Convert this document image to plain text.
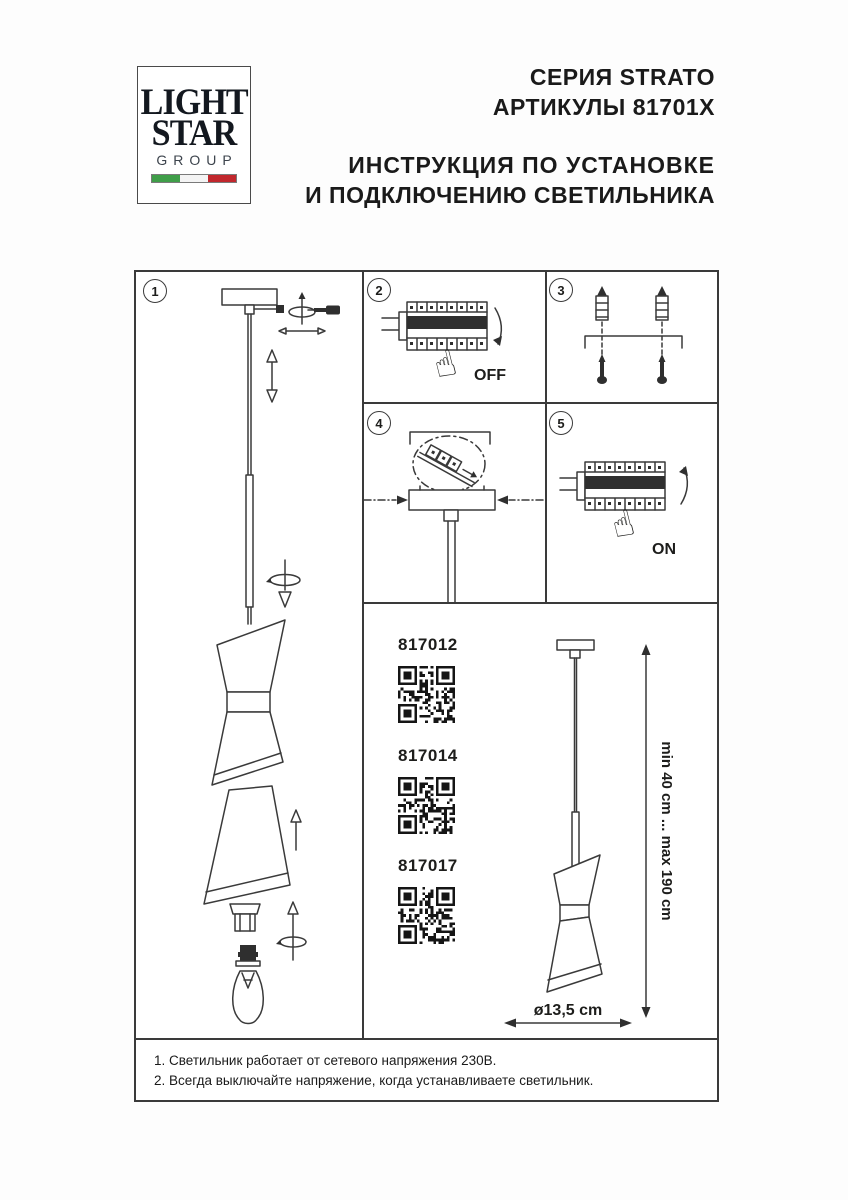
LIGHT
STAR
GROUP
СЕРИЯ STRATO
АРТИКУЛЫ 81701X
ИНСТРУКЦИЯ ПО УСТАНОВКЕ
И ПОДКЛЮЧЕНИЮ СВЕТИЛЬНИКА
1	2	3
4	5
☝ OFF
☝
ON
817012
817014
817017	min 40 cm ... max 190 cm
ø13,5 cm
1. Светильник работает от сетевого напряжения 230В.
2. Всегда выключайте напряжение, когда устанавливаете светильник.
